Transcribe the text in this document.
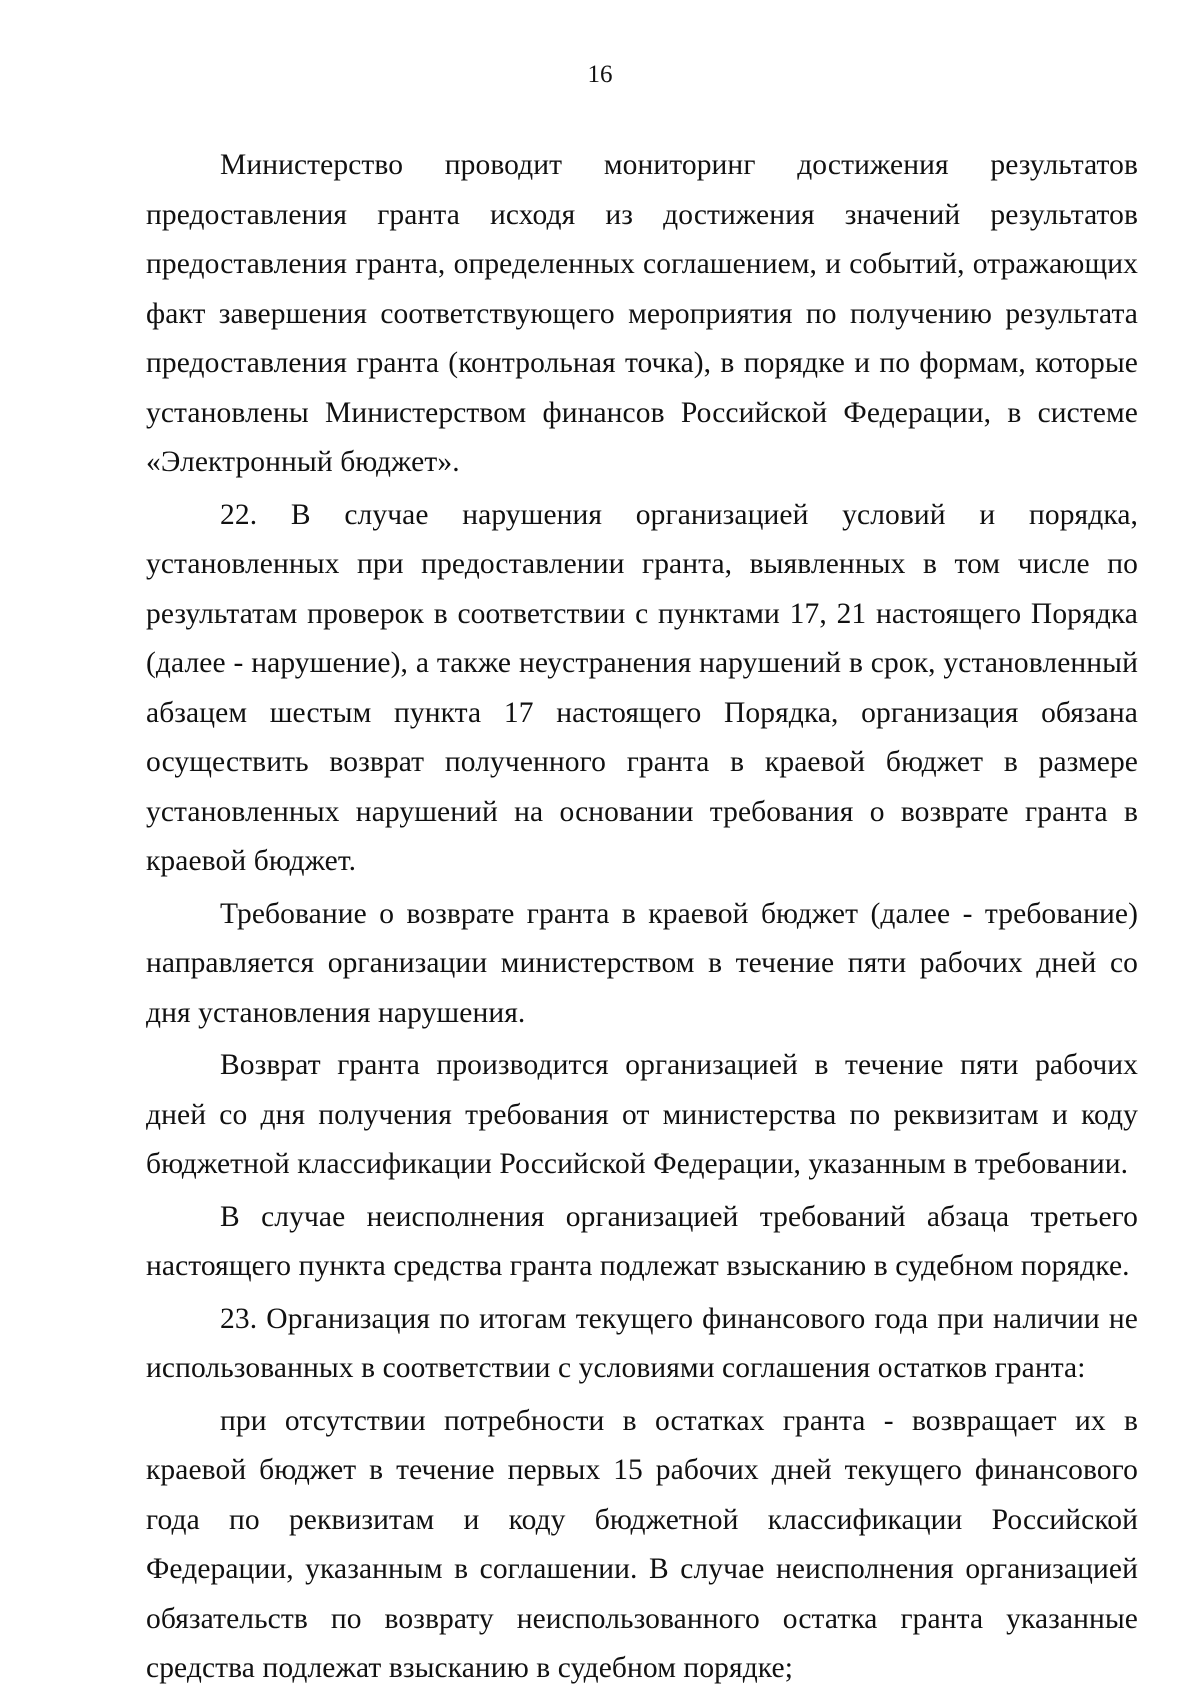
16

Министерство проводит мониторинг достижения результатов предоставления гранта исходя из достижения значений результатов предоставления гранта, определенных соглашением, и событий, отражающих факт завершения соответствующего мероприятия по получению результата предоставления гранта (контрольная точка), в порядке и по формам, которые установлены Министерством финансов Российской Федерации, в системе «Электронный бюджет».

22. В случае нарушения организацией условий и порядка, установленных при предоставлении гранта, выявленных в том числе по результатам проверок в соответствии с пунктами 17, 21 настоящего Порядка (далее - нарушение), а также неустранения нарушений в срок, установленный абзацем шестым пункта 17 настоящего Порядка, организация обязана осуществить возврат полученного гранта в краевой бюджет в размере установленных нарушений на основании требования о возврате гранта в краевой бюджет.

Требование о возврате гранта в краевой бюджет (далее - требование) направляется организации министерством в течение пяти рабочих дней со дня установления нарушения.

Возврат гранта производится организацией в течение пяти рабочих дней со дня получения требования от министерства по реквизитам и коду бюджетной классификации Российской Федерации, указанным в требовании.

В случае неисполнения организацией требований абзаца третьего настоящего пункта средства гранта подлежат взысканию в судебном порядке.

23. Организация по итогам текущего финансового года при наличии не использованных в соответствии с условиями соглашения остатков гранта:

при отсутствии потребности в остатках гранта - возвращает их в краевой бюджет в течение первых 15 рабочих дней текущего финансового года по реквизитам и коду бюджетной классификации Российской Федерации, указанным в соглашении. В случае неисполнения организацией обязательств по возврату неиспользованного остатка гранта указанные средства подлежат взысканию в судебном порядке;
